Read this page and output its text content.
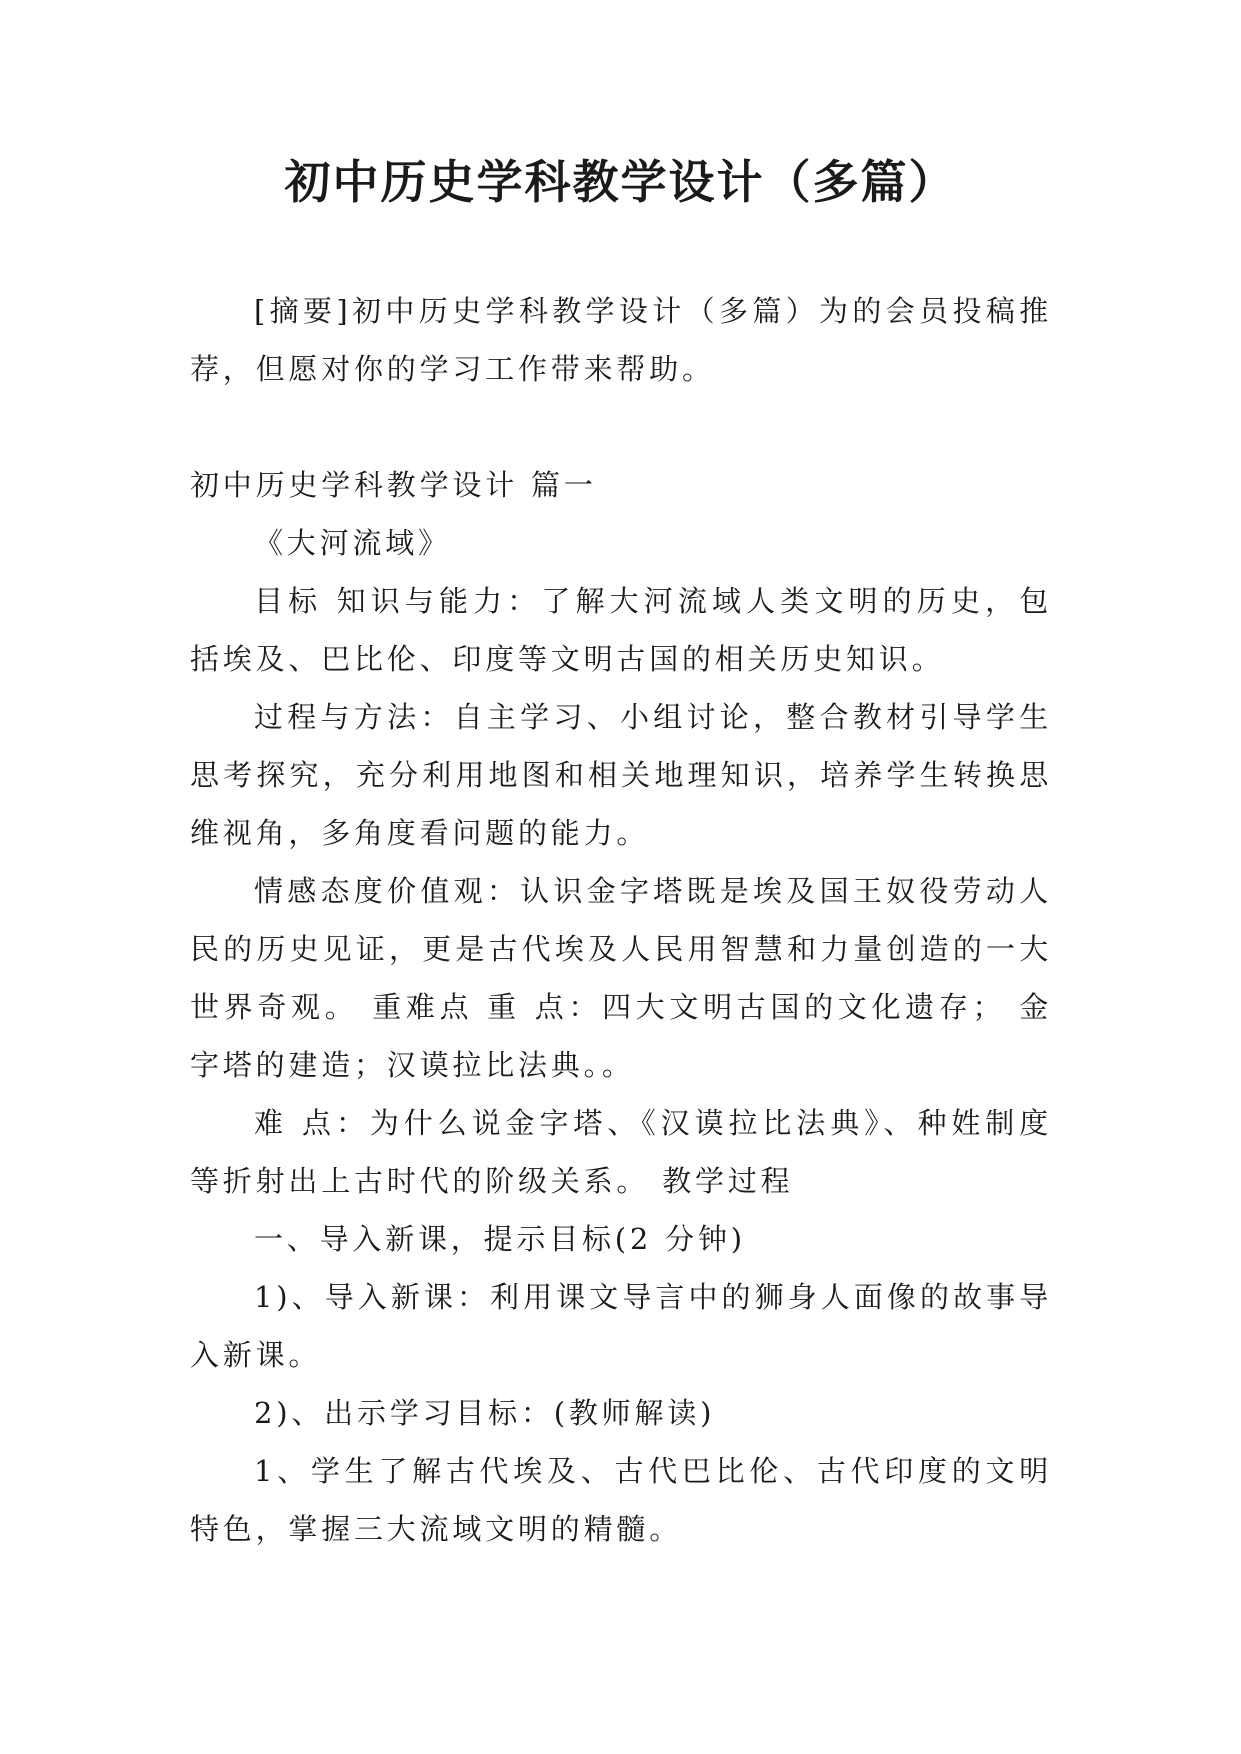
初中历史学科教学设计（多篇）

[摘要]初中历史学科教学设计（多篇）为的会员投稿推荐，但愿对你的学习工作带来帮助。

初中历史学科教学设计 篇一

《大河流域》

目标 知识与能力：了解大河流域人类文明的历史，包括埃及、巴比伦、印度等文明古国的相关历史知识。

过程与方法：自主学习、小组讨论，整合教材引导学生思考探究，充分利用地图和相关地理知识，培养学生转换思维视角，多角度看问题的能力。

情感态度价值观：认识金字塔既是埃及国王奴役劳动人民的历史见证，更是古代埃及人民用智慧和力量创造的一大世界奇观。 重难点 重 点：四大文明古国的文化遗存； 金字塔的建造；汉谟拉比法典。。

难 点：为什么说金字塔、《汉谟拉比法典》、种姓制度等折射出上古时代的阶级关系。 教学过程

一、导入新课，提示目标(2 分钟)

1)、导入新课：利用课文导言中的狮身人面像的故事导入新课。

2)、出示学习目标：(教师解读)

1、学生了解古代埃及、古代巴比伦、古代印度的文明特色，掌握三大流域文明的精髓。
